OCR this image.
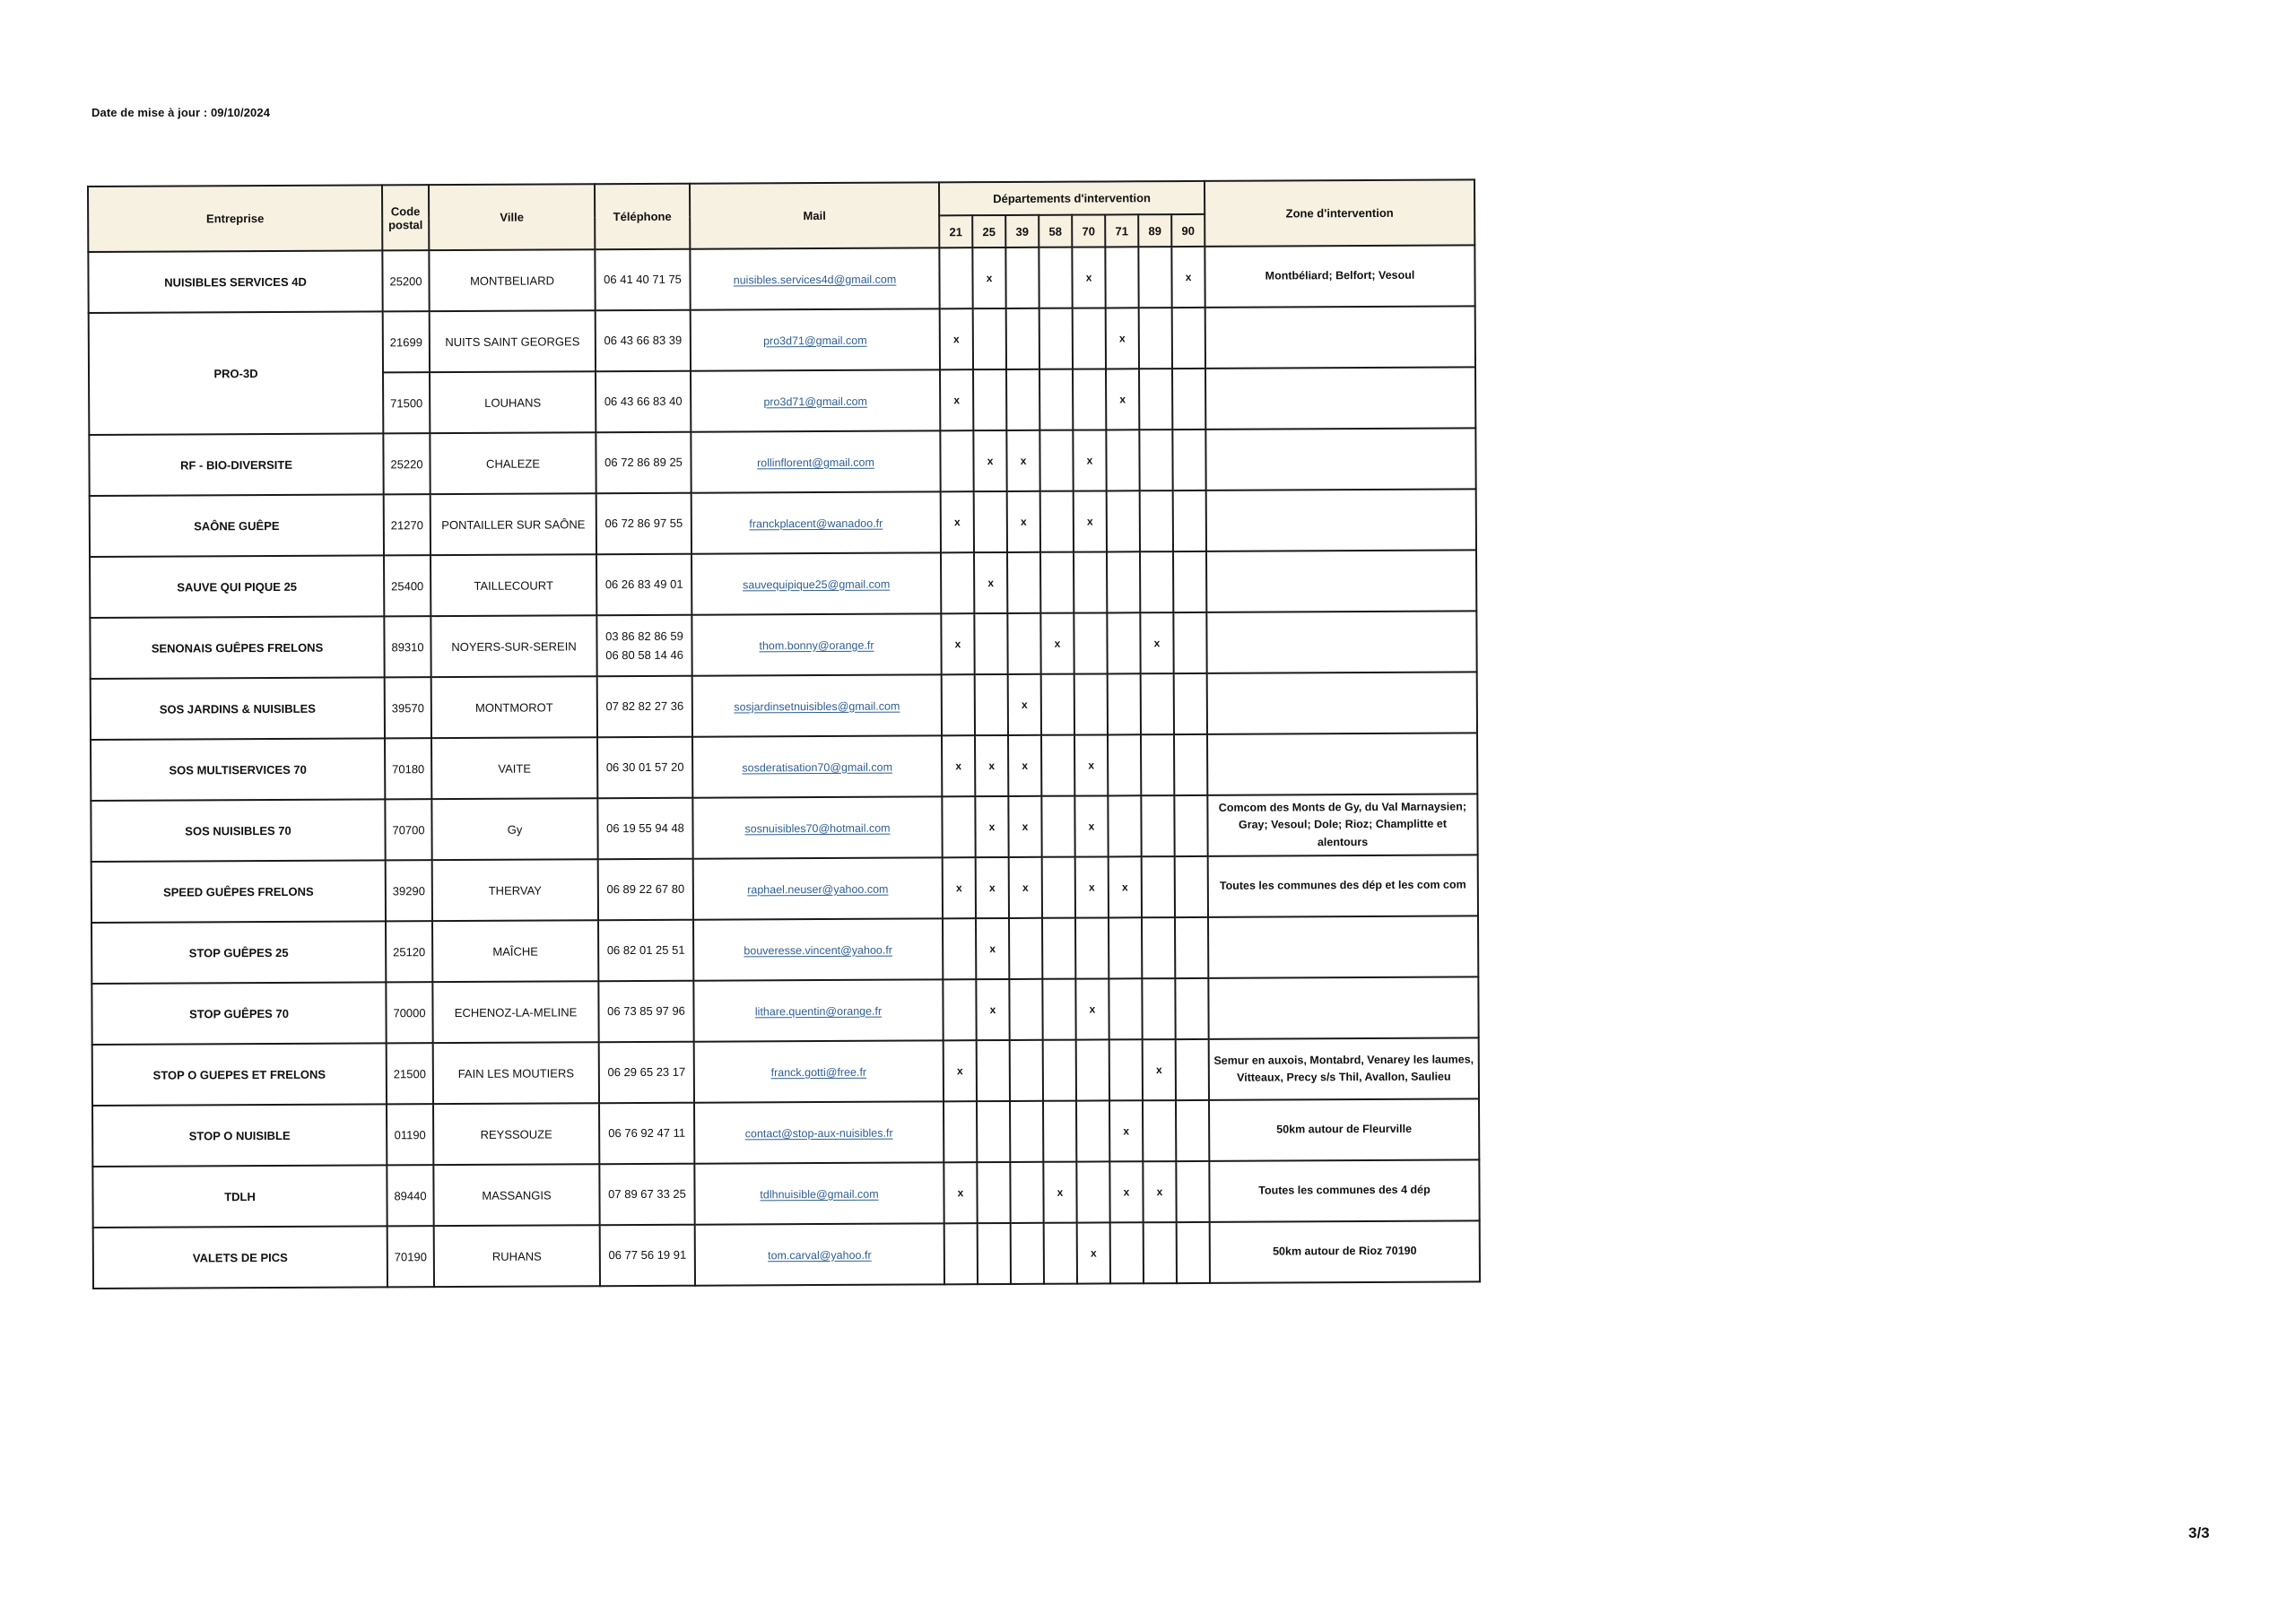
Date de mise à jour : 09/10/2024
Entreprise	Code postal	Ville	Téléphone	Mail	Départements d'intervention								Zone d'intervention
					21	25	39	58	70	71	89	90	
NUISIBLES SERVICES 4D	25200	MONTBELIARD	06 41 40 71 75	nuisibles.services4d@gmail.com		x			x			x	Montbéliard; Belfort; Vesoul
PRO-3D	21699	NUITS SAINT GEORGES	06 43 66 83 39	pro3d71@gmail.com	x					x			
	71500	LOUHANS	06 43 66 83 40	pro3d71@gmail.com	x					x			
RF - BIO-DIVERSITE	25220	CHALEZE	06 72 86 89 25	rollinflorent@gmail.com		x	x		x				
SAÔNE GUÊPE	21270	PONTAILLER SUR SAÔNE	06 72 86 97 55	franckplacent@wanadoo.fr	x		x		x				
SAUVE QUI PIQUE 25	25400	TAILLECOURT	06 26 83 49 01	sauvequipique25@gmail.com		x							
SENONAIS GUÊPES FRELONS	89310	NOYERS-SUR-SEREIN	03 86 82 86 59
06 80 58 14 46	thom.bonny@orange.fr	x			x			x		
SOS JARDINS & NUISIBLES	39570	MONTMOROT	07 82 82 27 36	sosjardinsetnuisibles@gmail.com			x						
SOS MULTISERVICES 70	70180	VAITE	06 30 01 57 20	sosderatisation70@gmail.com	x	x	x		x				
SOS NUISIBLES 70	70700	Gy	06 19 55 94 48	sosnuisibles70@hotmail.com		x	x		x				Comcom des Monts de Gy, du Val Marnaysien; Gray; Vesoul; Dole; Rioz; Champlitte et alentours
SPEED GUÊPES FRELONS	39290	THERVAY	06 89 22 67 80	raphael.neuser@yahoo.com	x	x	x		x	x			Toutes les communes des dép et les com com
STOP GUÊPES 25	25120	MAÎCHE	06 82 01 25 51	bouveresse.vincent@yahoo.fr		x							
STOP GUÊPES 70	70000	ECHENOZ-LA-MELINE	06 73 85 97 96	lithare.quentin@orange.fr		x			x				
STOP O GUEPES ET FRELONS	21500	FAIN LES MOUTIERS	06 29 65 23 17	franck.gotti@free.fr	x						x		Semur en auxois, Montabrd, Venarey les laumes, Vitteaux, Precy s/s Thil, Avallon, Saulieu
STOP O NUISIBLE	01190	REYSSOUZE	06 76 92 47 11	contact@stop-aux-nuisibles.fr						x			50km autour de Fleurville
TDLH	89440	MASSANGIS	07 89 67 33 25	tdlhnuisible@gmail.com	x			x		x	x		Toutes les communes des 4 dép
VALETS DE PICS	70190	RUHANS	06 77 56 19 91	tom.carval@yahoo.fr					x				50km autour de Rioz 70190
3/3
